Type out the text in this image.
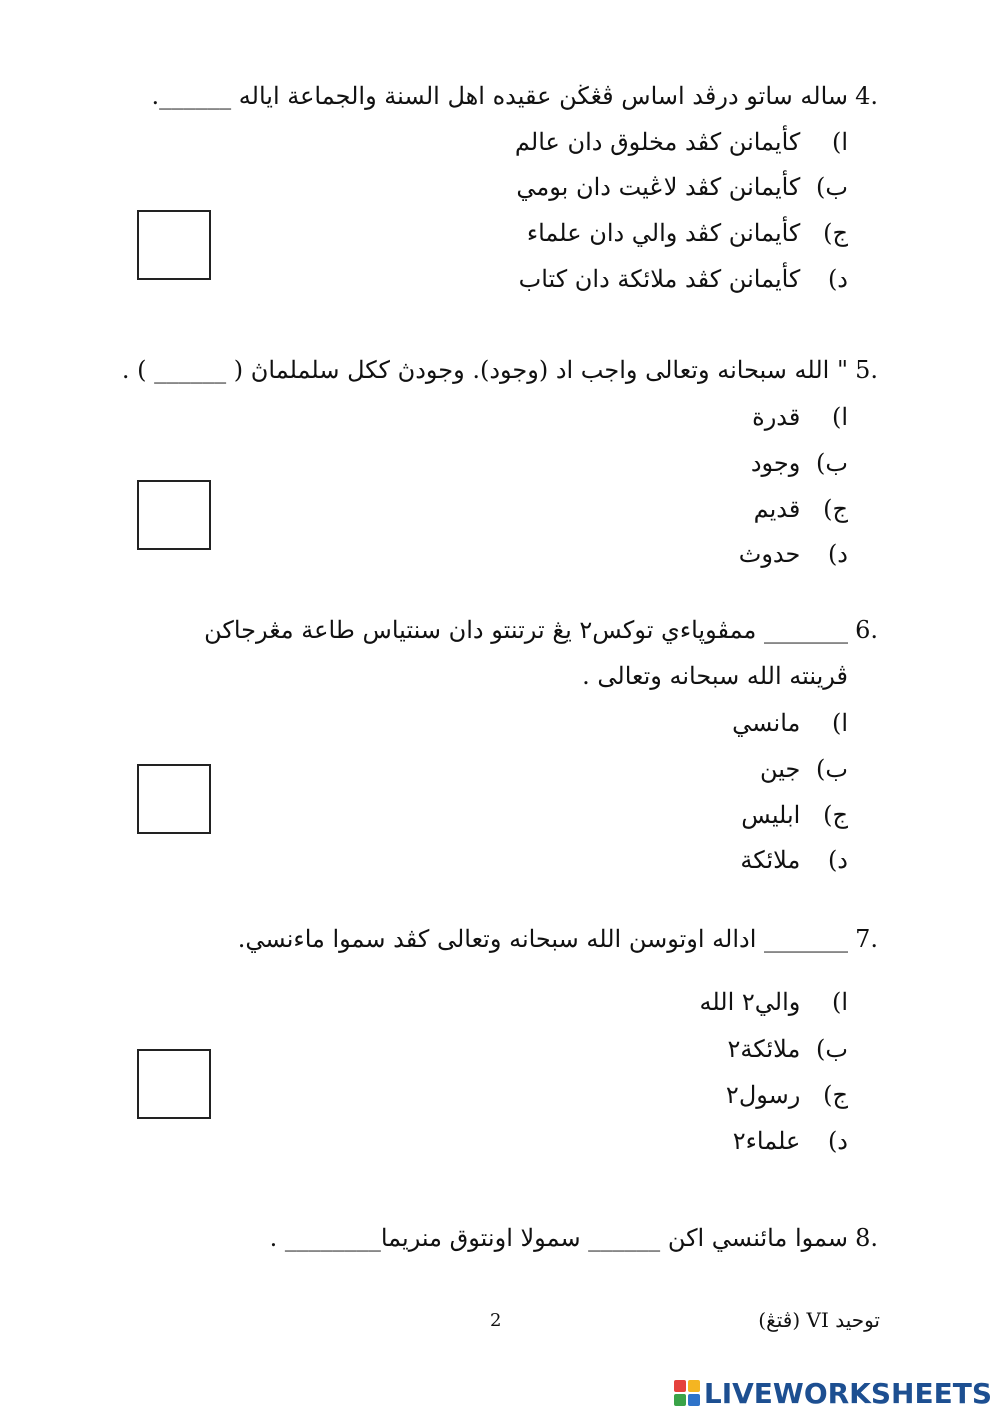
4.
ساله ساتو درڤد اساس ڤڠڬن عقيده اهل السنة والجماعة اياله ______.
ا) كأيمانن كڤد مخلوق دان عالم
ب) كأيمانن كڤد لاڠيت دان بومي
ج) كأيمانن كڤد والي دان علماء
د) كأيمانن كڤد ملائكة دان كتاب
5.
" الله سبحانه وتعالى واجب اد (وجود). وجودڽ ككل سلملماڽ ( ______ ) .
ا) قدرة
ب) وجود
ج) قديم
د) حدوث
6.
_______ ممڤوڽاءي توكس٢ يڠ ترتنتو دان سنتياس طاعة مڠرجاكن
ڤرينته الله سبحانه وتعالى .
ا) مانسي
ب) جين
ج) ابليس
د) ملائكة
7.
_______ اداله اوتوسن الله سبحانه وتعالى كڤد سموا ماءنسي.
ا) والي٢ الله
ب) ملائكة٢
ج) رسول٢
د) علماء٢
8.
سموا مائنسي اكن ______ سمولا اونتوق منريما________ .
2	توحيد VI (ڤتڠ)
LIVEWORKSHEETS
